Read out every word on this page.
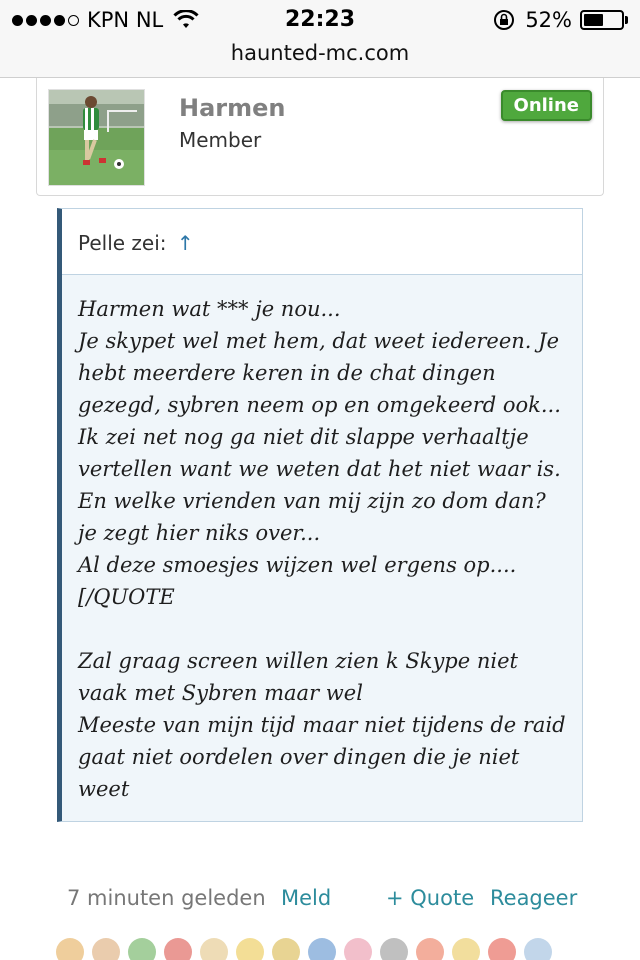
KPN NL	22:23	52%
haunted-mc.com
Harmen
Member
Online
Pelle zei: ↑

Harmen wat *** je nou...

Je skypet wel met hem, dat weet iedereen. Je hebt meerdere keren in de chat dingen gezegd, sybren neem op en omgekeerd ook...

Ik zei net nog ga niet dit slappe verhaaltje vertellen want we weten dat het niet waar is.

En welke vrienden van mij zijn zo dom dan?

je zegt hier niks over...

Al deze smoesjes wijzen wel ergens op....

[/QUOTE

Zal graag screen willen zien k Skype niet vaak met Sybren maar wel

Meeste van mijn tijd maar niet tijdens de raid gaat niet oordelen over dingen die je niet weet

7 minuten geleden Meld	+ Quote Reageer
